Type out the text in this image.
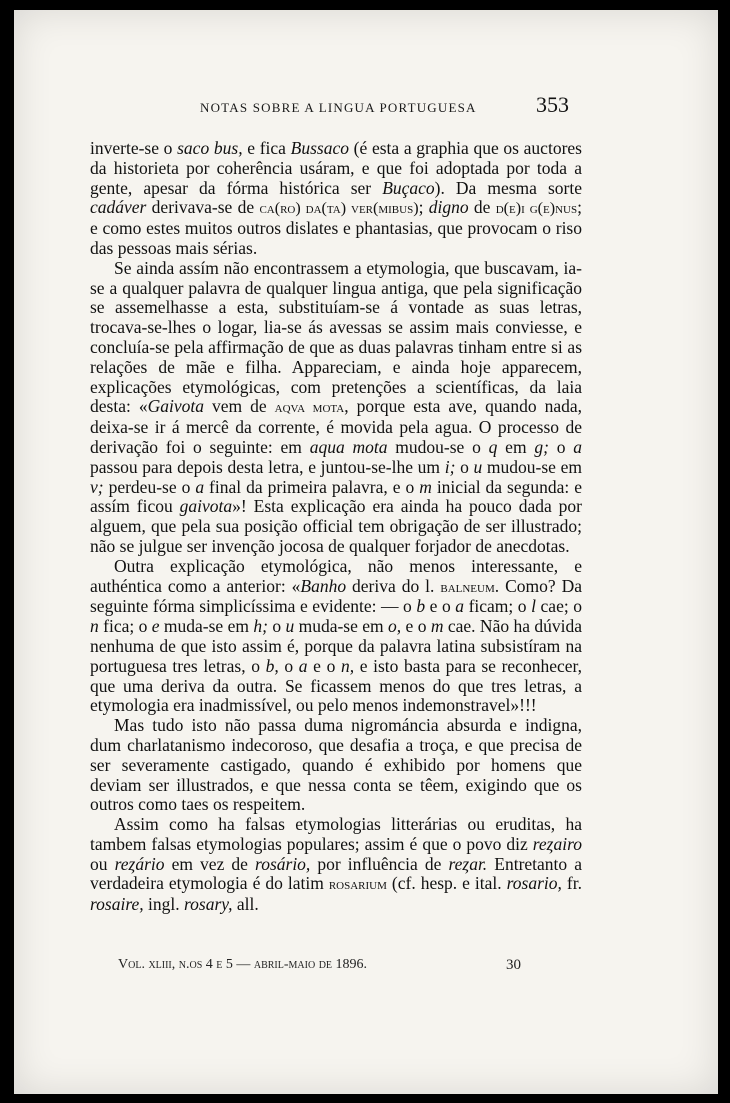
NOTAS SOBRE A LINGUA PORTUGUESA	353

inverte-se o saco bus, e fica Bussaco (é esta a graphia que os auctores da historieta por coherência usáram, e que foi adoptada por toda a gente, apesar da fórma histórica ser Buçaco). Da mesma sorte cadáver derivava-se de ca(ro) da(ta) ver(mibus); digno de d(e)i g(e)nus; e como estes muitos outros dislates e phantasias, que provocam o riso das pessoas mais sérias.

Se ainda assím não encontrassem a etymologia, que buscavam, ia-se a qualquer palavra de qualquer lingua antiga, que pela significação se assemelhasse a esta, substituíam-se á vontade as suas letras, trocava-se-lhes o logar, lia-se ás avessas se assim mais conviesse, e concluía-se pela affirmação de que as duas palavras tinham entre si as relações de mãe e filha. Appareciam, e ainda hoje apparecem, explicações etymológicas, com pretenções a scientíficas, da laia desta: «Gaivota vem de aqva mota, porque esta ave, quando nada, deixa-se ir á mercê da corrente, é movida pela agua. O processo de derivação foi o seguinte: em aqua mota mudou-se o q em g; o a passou para depois desta letra, e juntou-se-lhe um i; o u mudou-se em v; perdeu-se o a final da primeira palavra, e o m inicial da segunda: e assím ficou gaivota»! Esta explicação era ainda ha pouco dada por alguem, que pela sua posição official tem obrigação de ser illustrado; não se julgue ser invenção jocosa de qualquer forjador de anecdotas.

Outra explicação etymológica, não menos interessante, e authéntica como a anterior: «Banho deriva do l. balneum. Como? Da seguinte fórma simplicíssima e evidente: — o b e o a ficam; o l cae; o n fica; o e muda-se em h; o u muda-se em o, e o m cae. Não ha dúvida nenhuma de que isto assim é, porque da palavra latina subsistíram na portuguesa tres letras, o b, o a e o n, e isto basta para se reconhecer, que uma deriva da outra. Se ficassem menos do que tres letras, a etymologia era inadmissível, ou pelo menos indemonstravel»!!!

Mas tudo isto não passa duma nigrománcia absurda e indigna, dum charlatanismo indecoroso, que desafia a troça, e que precisa de ser severamente castigado, quando é exhibido por homens que deviam ser illustrados, e que nessa conta se têem, exigindo que os outros como taes os respeitem.

Assim como ha falsas etymologias litterárias ou eruditas, ha tambem falsas etymologias populares; assim é que o povo diz reȥairo ou reȥário em vez de rosário, por influência de reȥar. Entretanto a verdadeira etymologia é do latim rosarium (cf. hesp. e ital. rosario, fr. rosaire, ingl. rosary, all.

Vol. xliii, n.os 4 e 5 — abril-maio de 1896.	30
